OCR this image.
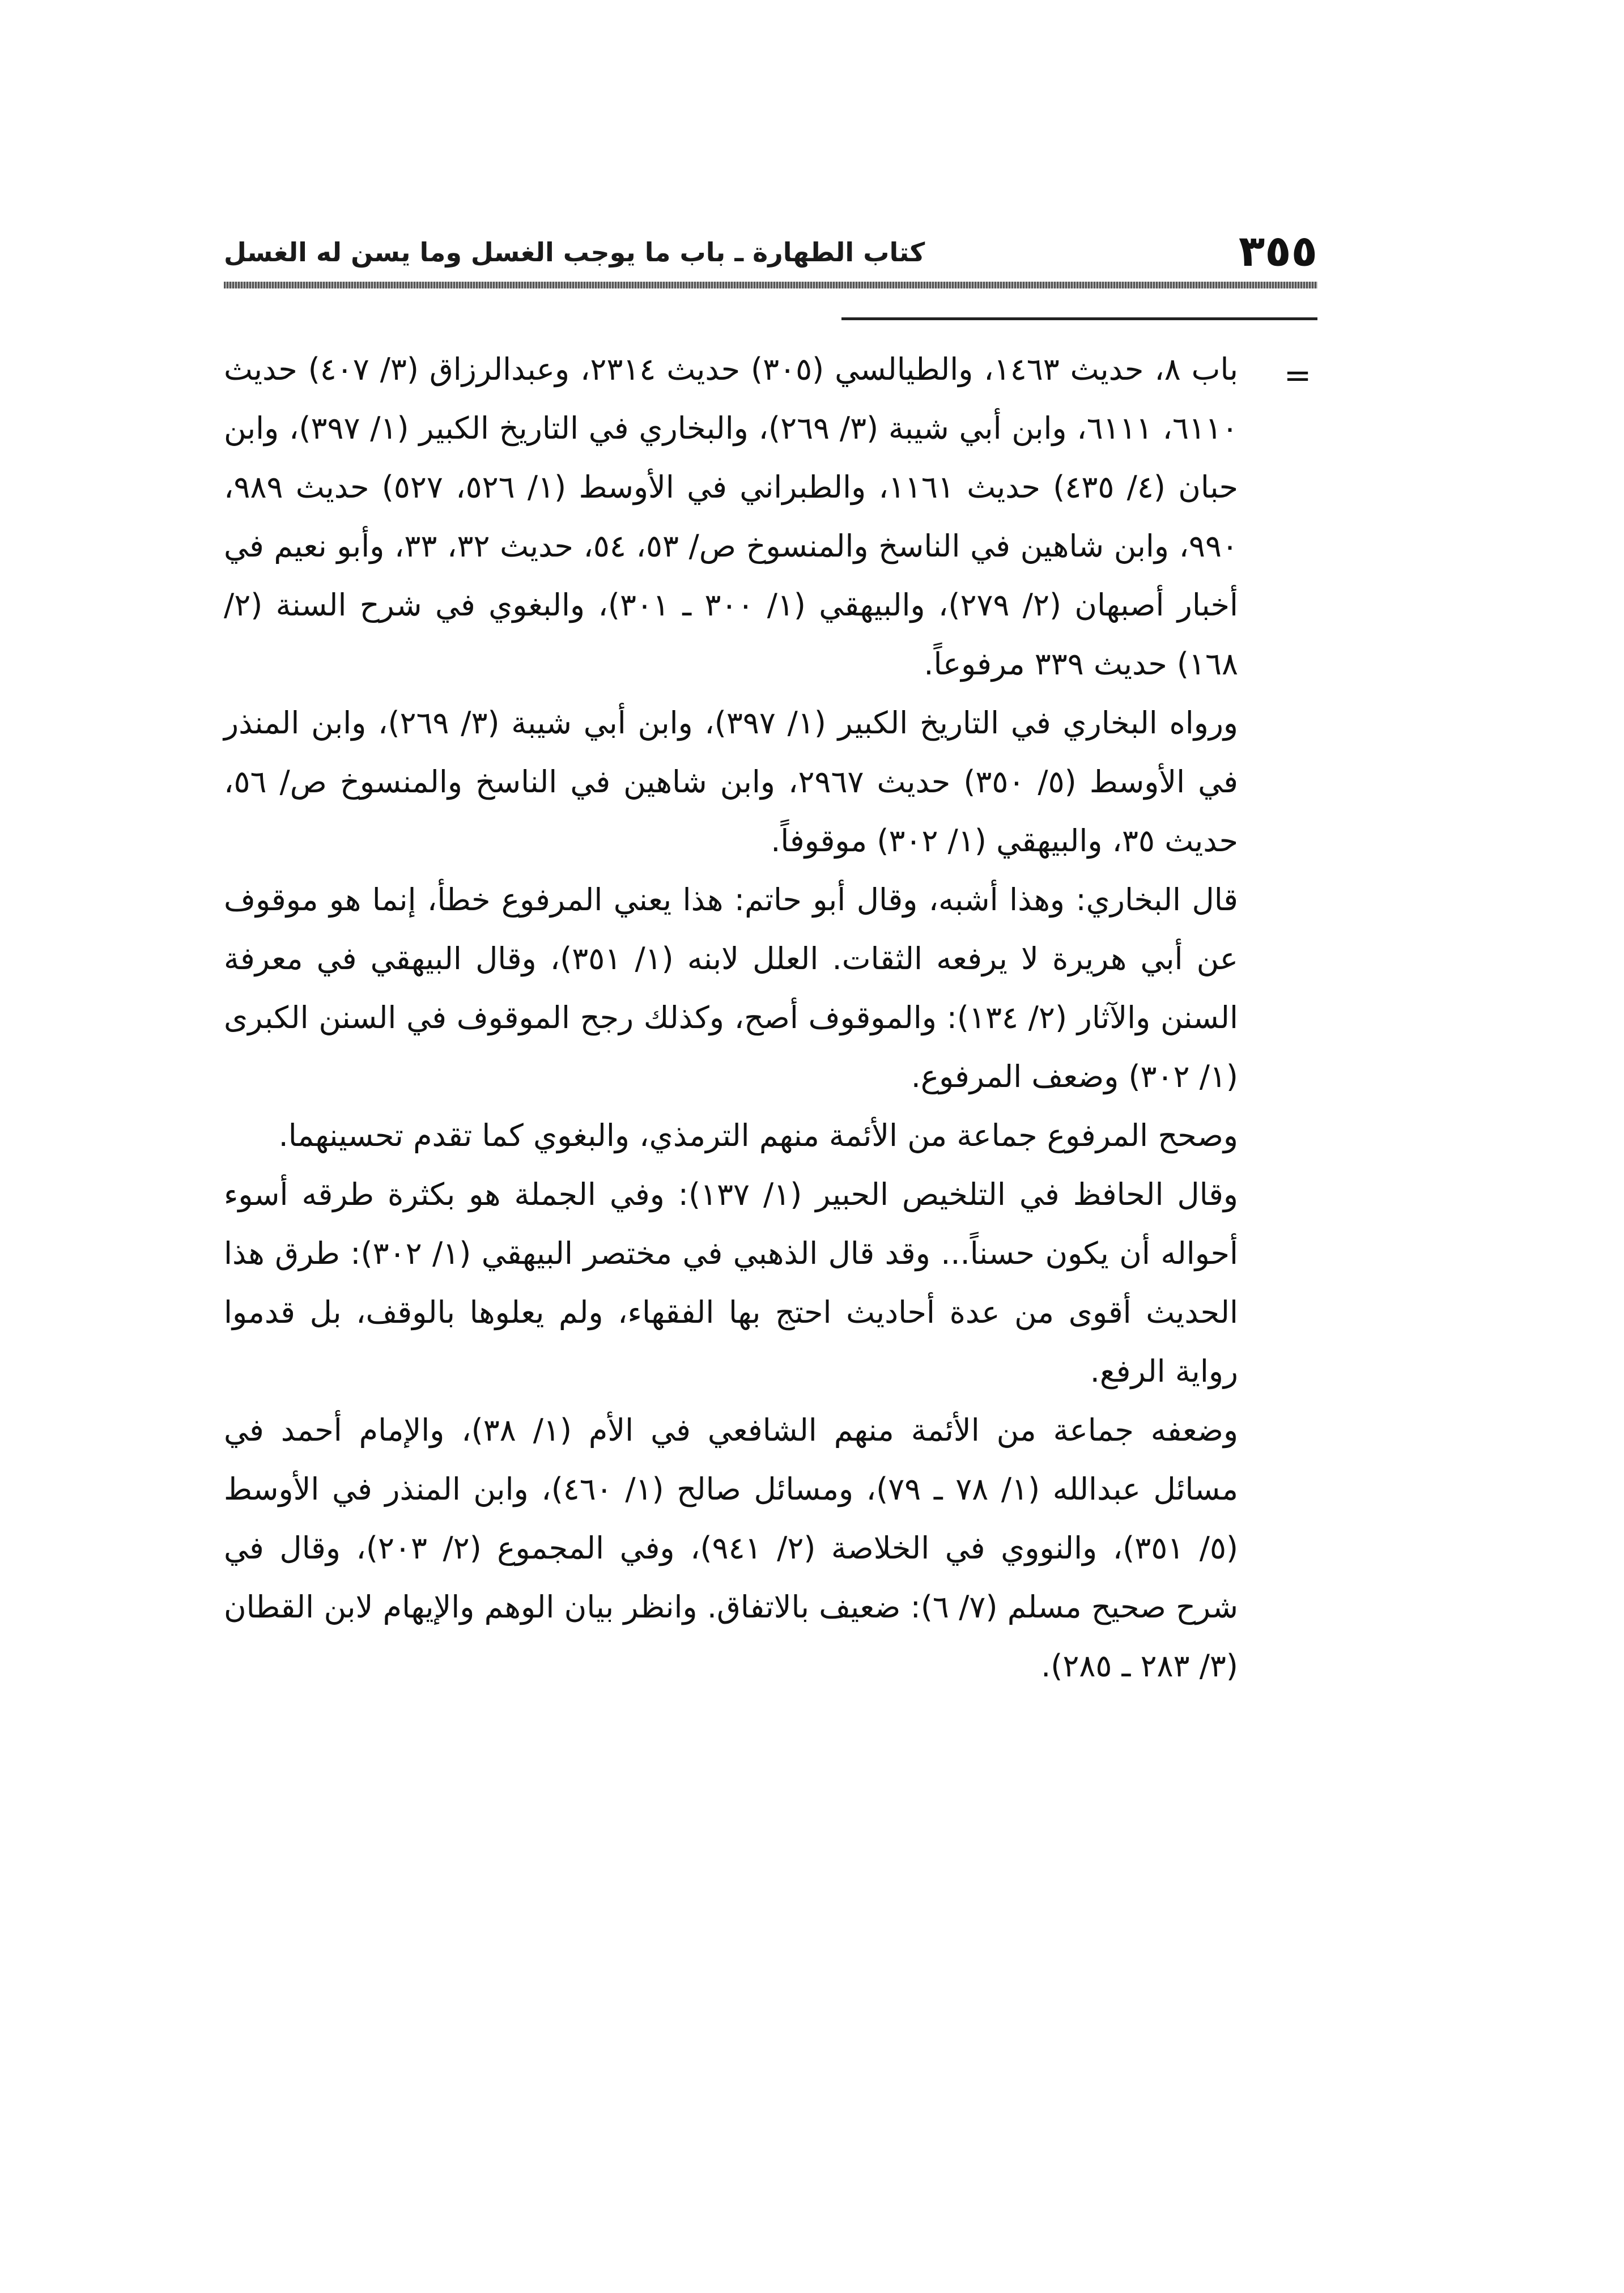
٣٥٥
كتاب الطهارة ـ باب ما يوجب الغسل وما يسن له الغسل
=

باب ٨، حديث ١٤٦٣، والطيالسي (٣٠٥) حديث ٢٣١٤، وعبدالرزاق (٣/ ٤٠٧) حديث ٦١١٠، ٦١١١، وابن أبي شيبة (٣/ ٢٦٩)، والبخاري في التاريخ الكبير (١/ ٣٩٧)، وابن حبان (٤/ ٤٣٥) حديث ١١٦١، والطبراني في الأوسط (١/ ٥٢٦، ٥٢٧) حديث ٩٨٩، ٩٩٠، وابن شاهين في الناسخ والمنسوخ ص/ ٥٣، ٥٤، حديث ٣٢، ٣٣، وأبو نعيم في أخبار أصبهان (٢/ ٢٧٩)، والبيهقي (١/ ٣٠٠ ـ ٣٠١)، والبغوي في شرح السنة (٢/ ١٦٨) حديث ٣٣٩ مرفوعاً.

ورواه البخاري في التاريخ الكبير (١/ ٣٩٧)، وابن أبي شيبة (٣/ ٢٦٩)، وابن المنذر في الأوسط (٥/ ٣٥٠) حديث ٢٩٦٧، وابن شاهين في الناسخ والمنسوخ ص/ ٥٦، حديث ٣٥، والبيهقي (١/ ٣٠٢) موقوفاً.

قال البخاري: وهذا أشبه، وقال أبو حاتم: هذا يعني المرفوع خطأ، إنما هو موقوف عن أبي هريرة لا يرفعه الثقات. العلل لابنه (١/ ٣٥١)، وقال البيهقي في معرفة السنن والآثار (٢/ ١٣٤): والموقوف أصح، وكذلك رجح الموقوف في السنن الكبرى (١/ ٣٠٢) وضعف المرفوع.

وصحح المرفوع جماعة من الأئمة منهم الترمذي، والبغوي كما تقدم تحسينهما.

وقال الحافظ في التلخيص الحبير (١/ ١٣٧): وفي الجملة هو بكثرة طرقه أسوء أحواله أن يكون حسناً... وقد قال الذهبي في مختصر البيهقي (١/ ٣٠٢): طرق هذا الحديث أقوى من عدة أحاديث احتج بها الفقهاء، ولم يعلوها بالوقف، بل قدموا رواية الرفع.

وضعفه جماعة من الأئمة منهم الشافعي في الأم (١/ ٣٨)، والإمام أحمد في مسائل عبدالله (١/ ٧٨ ـ ٧٩)، ومسائل صالح (١/ ٤٦٠)، وابن المنذر في الأوسط (٥/ ٣٥١)، والنووي في الخلاصة (٢/ ٩٤١)، وفي المجموع (٢/ ٢٠٣)، وقال في شرح صحيح مسلم (٧/ ٦): ضعيف بالاتفاق. وانظر بيان الوهم والإيهام لابن القطان (٣/ ٢٨٣ ـ ٢٨٥).
